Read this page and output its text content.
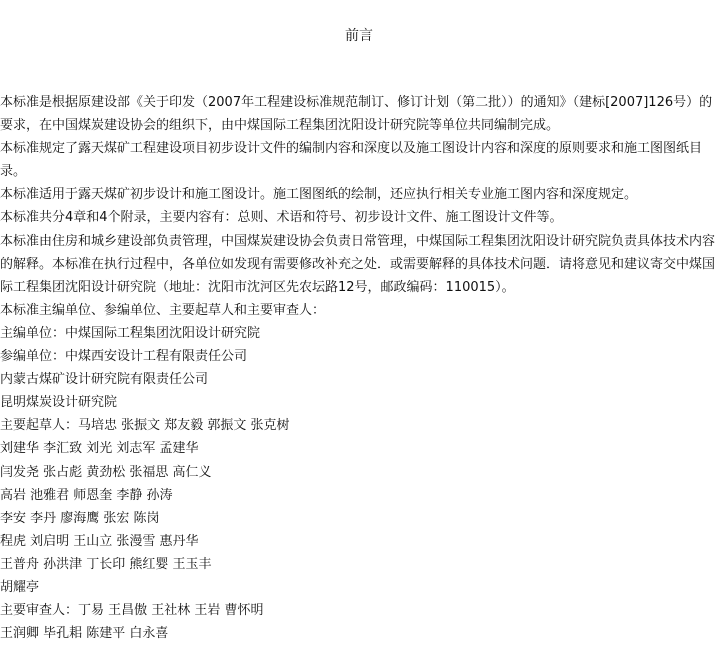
前言

本标准是根据原建设部《关于印发（2007年工程建设标准规范制订、修订计划（第二批））的通知》（建标[2007]126号）的要求，在中国煤炭建设协会的组织下，由中煤国际工程集团沈阳设计研究院等单位共同编制完成。

本标准规定了露天煤矿工程建设项目初步设计文件的编制内容和深度以及施工图设计内容和深度的原则要求和施工图图纸目录。

本标准适用于露天煤矿初步设计和施工图设计。施工图图纸的绘制，还应执行相关专业施工图内容和深度规定。

本标准共分4章和4个附录，主要内容有：总则、术语和符号、初步设计文件、施工图设计文件等。

本标准由住房和城乡建设部负责管理，中国煤炭建设协会负责日常管理，中煤国际工程集团沈阳设计研究院负责具体技术内容的解释。本标准在执行过程中，各单位如发现有需要修改补充之处．或需要解释的具体技术问题．请将意见和建议寄交中煤国际工程集团沈阳设计研究院（地址：沈阳市沈河区先农坛路12号，邮政编码：110015）。

本标准主编单位、参编单位、主要起草人和主要审查人：

主编单位：中煤国际工程集团沈阳设计研究院

参编单位：中煤西安设计工程有限责任公司

内蒙古煤矿设计研究院有限责任公司

昆明煤炭设计研究院

主要起草人：马培忠 张振文 郑友毅 郭振文 张克树

刘建华 李汇致 刘光 刘志军 孟建华

闫发尧 张占彪 黄劲松 张福思 高仁义

高岩 池雅君 师恩奎 李静 孙涛

李安 李丹 廖海鹰 张宏 陈岗

程虎 刘启明 王山立 张漫雪 惠丹华

王普舟 孙洪津 丁长印 熊红婴 王玉丰

胡耀亭

主要审查人：丁易 王昌傲 王社林 王岩 曹怀明

王润卿 毕孔耜 陈建平 白永喜
